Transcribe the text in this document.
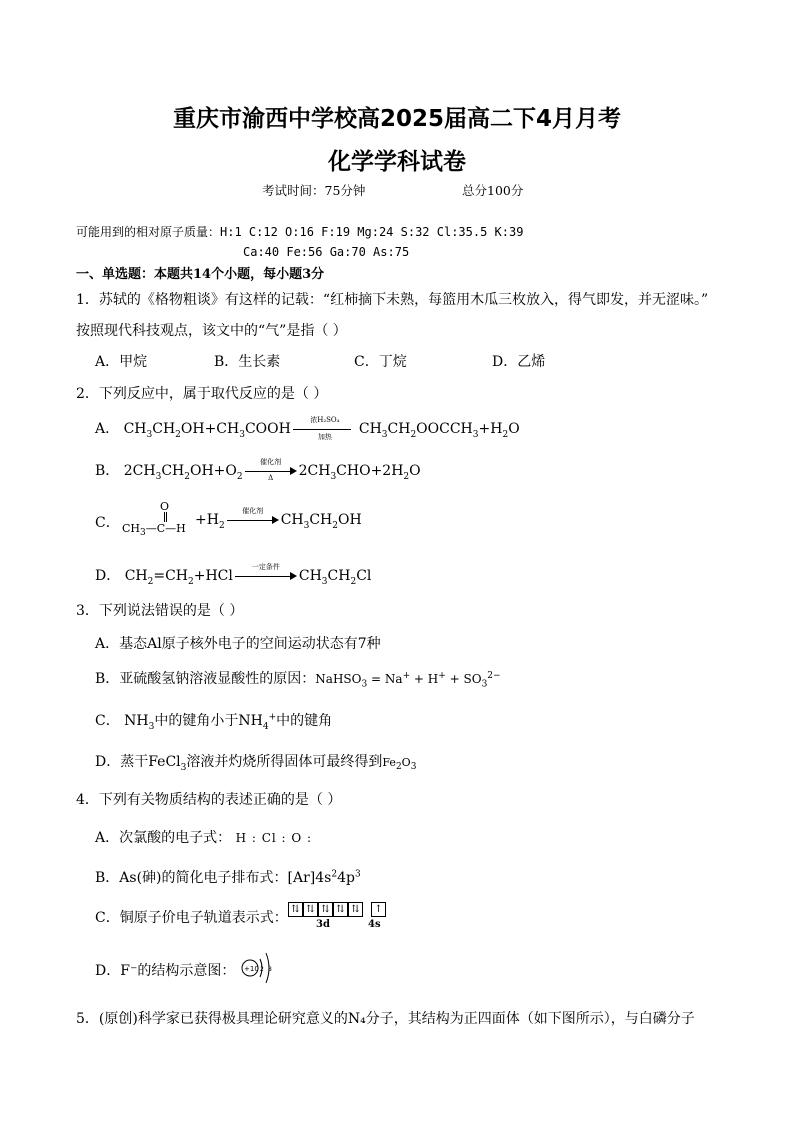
重庆市渝西中学校高2025届高二下4月月考
化学学科试卷
考试时间：75分钟	总分100分
可能用到的相对原子质量：H:1 C:12 O:16 F:19 Mg:24 S:32 Cl:35.5 K:39
Ca:40 Fe:56 Ga:70 As:75
一、单选题：本题共14个小题，每小题3分
1．苏轼的《格物粗谈》有这样的记载：“红柿摘下未熟，每篮用木瓜三枚放入，得气即发，并无涩味。”
按照现代科技观点，该文中的“气”是指（ ）
A．甲烷	B．生长素	C．丁烷	D．乙烯
2．下列反应中，属于取代反应的是（ ）
A． $CH_3CH_2OH+CH_3COOH$
浓H₂SO₄
加热	$CH_3CH_2OOCCH_3+H_2O$
B． $2CH_3CH_2OH+O_2$
催化剂
Δ	$2CH_3CHO+2H_2O$
C．
O
$CH_3—C—H$
$+H_2$
催化剂
$CH_3CH_2OH$
D． $CH_2=CH_2+HCl$
一定条件
$CH_3CH_2Cl$
3．下列说法错误的是（ ）
A．基态Al原子核外电子的空间运动状态有7种
B．亚硫酸氢钠溶液显酸性的原因：NaHSO$_3$ = $Na^+ + H^+ + SO_3^{2-}$
C． $NH_3$中的键角小于$NH_4^+$中的键角
D．蒸干FeCl$_3$溶液并灼烧所得固体可最终得到$Fe_2O_3$
4．下列有关物质结构的表述正确的是（ ）
A．次氯酸的电子式： H : Cl : O :
B．As(砷)的简化电子排布式：$[Ar]4s^24p^3$
C．铜原子价电子轨道表示式：
⇅ ⇅ ⇅ ⇅ ⇅	↑
3d	4s
D．F⁻的结构示意图： +10 2 8
5．(原创)科学家已获得极具理论研究意义的N₄分子，其结构为正四面体（如下图所示），与白磷分子
